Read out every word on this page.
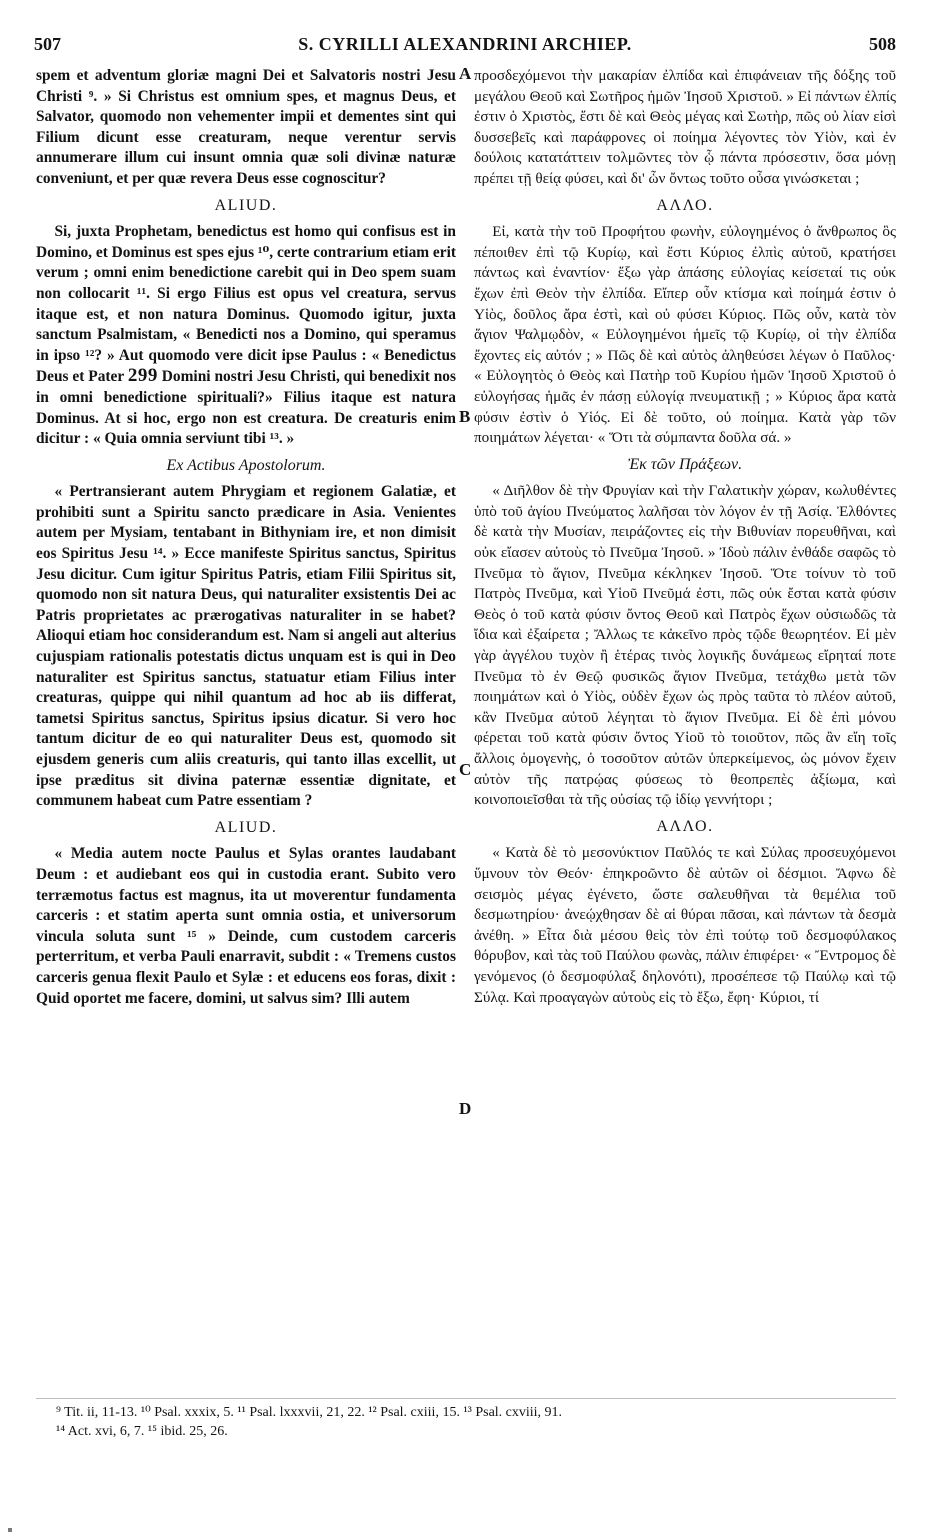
507	S. CYRILLI ALEXANDRINI ARCHIEP.	508

spem et adventum gloriæ magni Dei et Salvatoris nostri Jesu Christi ⁹. » Si Christus est omnium spes, et magnus Deus, et Salvator, quomodo non vehementer impii et dementes sint qui Filium dicunt esse creaturam, neque verentur servis annumerare illum cui insunt omnia quæ soli divinæ naturæ conveniunt, et per quæ revera Deus esse cognoscitur?

ALIUD.

Si, juxta Prophetam, benedictus est homo qui confisus est in Domino, et Dominus est spes ejus ¹⁰, certe contrarium etiam erit verum ; omni enim benedictione carebit qui in Deo spem suam non collocarit ¹¹. Si ergo Filius est opus vel creatura, servus itaque est, et non natura Dominus. Quomodo igitur, juxta sanctum Psalmistam, « Benedicti nos a Domino, qui speramus in ipso ¹²? » Aut quomodo vere dicit ipse Paulus : « Benedictus Deus et Pater 299 Domini nostri Jesu Christi, qui benedixit nos in omni benedictione spirituali?» Filius itaque est natura Dominus. At si hoc, ergo non est creatura. De creaturis enim dicitur : « Quia omnia serviunt tibi ¹³. »

Ex Actibus Apostolorum.

« Pertransierant autem Phrygiam et regionem Galatiæ, et prohibiti sunt a Spiritu sancto prædicare in Asia. Venientes autem per Mysiam, tentabant in Bithyniam ire, et non dimisit eos Spiritus Jesu ¹⁴. » Ecce manifeste Spiritus sanctus, Spiritus Jesu dicitur. Cum igitur Spiritus Patris, etiam Filii Spiritus sit, quomodo non sit natura Deus, qui naturaliter exsistentis Dei ac Patris proprietates ac prærogativas naturaliter in se habet? Alioqui etiam hoc considerandum est. Nam si angeli aut alterius cujuspiam rationalis potestatis dictus unquam est is qui in Deo naturaliter est Spiritus sanctus, statuatur etiam Filius inter creaturas, quippe qui nihil quantum ad hoc ab iis differat, tametsi Spiritus sanctus, Spiritus ipsius dicatur. Si vero hoc tantum dicitur de eo qui naturaliter Deus est, quomodo sit ejusdem generis cum aliis creaturis, qui tanto illas excellit, ut ipse præditus sit divina paternæ essentiæ dignitate, et communem habeat cum Patre essentiam ?

ALIUD.

« Media autem nocte Paulus et Sylas orantes laudabant Deum : et audiebant eos qui in custodia erant. Subito vero terræmotus factus est magnus, ita ut moverentur fundamenta carceris : et statim aperta sunt omnia ostia, et universorum vincula soluta sunt ¹⁵ » Deinde, cum custodem carceris perterritum, et verba Pauli enarravit, subdit : « Tremens custos carceris genua flexit Paulo et Sylæ : et educens eos foras, dixit : Quid oportet me facere, domini, ut salvus sim? Illi autem

προσδεχόμενοι τὴν μακαρίαν ἐλπίδα καὶ ἐπιφάνειαν τῆς δόξης τοῦ μεγάλου Θεοῦ καὶ Σωτῆρος ἡμῶν Ἰησοῦ Χριστοῦ. » Εἰ πάντων ἐλπίς ἐστιν ὁ Χριστὸς, ἔστι δὲ καὶ Θεὸς μέγας καὶ Σωτὴρ, πῶς οὐ λίαν εἰσὶ δυσσεβεῖς καὶ παράφρονες οἱ ποίημα λέγοντες τὸν Υἱὸν, καὶ ἐν δούλοις κατατάττειν τολμῶντες τὸν ᾧ πάντα πρόσεστιν, ὅσα μόνῃ πρέπει τῇ θείᾳ φύσει, καὶ δι' ὧν ὄντως τοῦτο οὖσα γινώσκεται ;

ΑΛΛΟ.

Εἰ, κατὰ τὴν τοῦ Προφήτου φωνὴν, εὐλογημένος ὁ ἄνθρωπος ὃς πέποιθεν ἐπὶ τῷ Κυρίῳ, καὶ ἔστι Κύριος ἐλπὶς αὐτοῦ, κρατήσει πάντως καὶ ἐναντίον· ἔξω γὰρ ἁπάσης εὐλογίας κείσεταί τις οὐκ ἔχων ἐπὶ Θεὸν τὴν ἐλπίδα. Εἴπερ οὖν κτίσμα καὶ ποίημά ἐστιν ὁ Υἱὸς, δοῦλος ἄρα ἐστὶ, καὶ οὐ φύσει Κύριος. Πῶς οὖν, κατὰ τὸν ἅγιον Ψαλμῳδὸν, « Εὐλογημένοι ἡμεῖς τῷ Κυρίῳ, οἱ τὴν ἐλπίδα ἔχοντες εἰς αὐτόν ; » Πῶς δὲ καὶ αὐτὸς ἀληθεύσει λέγων ὁ Παῦλος· « Εὐλογητὸς ὁ Θεὸς καὶ Πατὴρ τοῦ Κυρίου ἡμῶν Ἰησοῦ Χριστοῦ ὁ εὐλογήσας ἡμᾶς ἐν πάσῃ εὐλογίᾳ πνευματικῇ ; » Κύριος ἄρα κατὰ φύσιν ἐστὶν ὁ Υἱός. Εἰ δὲ τοῦτο, οὐ ποίημα. Κατὰ γὰρ τῶν ποιημάτων λέγεται· « Ὅτι τὰ σύμπαντα δοῦλα σά. »

Ἐκ τῶν Πράξεων.

« Διῆλθον δὲ τὴν Φρυγίαν καὶ τὴν Γαλατικὴν χώραν, κωλυθέντες ὑπὸ τοῦ ἁγίου Πνεύματος λαλῆσαι τὸν λόγον ἐν τῇ Ἀσίᾳ. Ἐλθόντες δὲ κατὰ τὴν Μυσίαν, πειράζοντες εἰς τὴν Βιθυνίαν πορευθῆναι, καὶ οὐκ εἴασεν αὐτοὺς τὸ Πνεῦμα Ἰησοῦ. » Ἰδοὺ πάλιν ἐνθάδε σαφῶς τὸ Πνεῦμα τὸ ἅγιον, Πνεῦμα κέκληκεν Ἰησοῦ. Ὅτε τοίνυν τὸ τοῦ Πατρὸς Πνεῦμα, καὶ Υἱοῦ Πνεῦμά ἐστι, πῶς οὐκ ἔσται κατὰ φύσιν Θεὸς ὁ τοῦ κατὰ φύσιν ὄντος Θεοῦ καὶ Πατρὸς ἔχων οὐσιωδῶς τὰ ἴδια καὶ ἐξαίρετα ; Ἄλλως τε κἀκεῖνο πρὸς τῷδε θεωρητέον. Εἰ μὲν γὰρ ἀγγέλου τυχὸν ἢ ἑτέρας τινὸς λογικῆς δυνάμεως εἴρηταί ποτε Πνεῦμα τὸ ἐν Θεῷ φυσικῶς ἅγιον Πνεῦμα, τετάχθω μετὰ τῶν ποιημάτων καὶ ὁ Υἱὸς, οὐδὲν ἔχων ὡς πρὸς ταῦτα τὸ πλέον αὐτοῦ, κἂν Πνεῦμα αὐτοῦ λέγηται τὸ ἅγιον Πνεῦμα. Εἰ δὲ ἐπὶ μόνου φέρεται τοῦ κατὰ φύσιν ὄντος Υἱοῦ τὸ τοιοῦτον, πῶς ἂν εἴη τοῖς ἄλλοις ὁμογενὴς, ὁ τοσοῦτον αὐτῶν ὑπερκείμενος, ὡς μόνον ἔχειν αὐτὸν τῆς πατρῴας φύσεως τὸ θεοπρεπὲς ἀξίωμα, καὶ κοινοποιεῖσθαι τὰ τῆς οὐσίας τῷ ἰδίῳ γεννήτορι ;

ΑΛΛΟ.

« Κατὰ δὲ τὸ μεσονύκτιον Παῦλός τε καὶ Σύλας προσευχόμενοι ὕμνουν τὸν Θεόν· ἐπηκροῶντο δὲ αὐτῶν οἱ δέσμιοι. Ἄφνω δὲ σεισμὸς μέγας ἐγένετο, ὥστε σαλευθῆναι τὰ θεμέλια τοῦ δεσμωτηρίου· ἀνεῴχθησαν δὲ αἱ θύραι πᾶσαι, καὶ πάντων τὰ δεσμὰ ἀνέθη. » Εἶτα διὰ μέσου θεὶς τὸν ἐπὶ τούτῳ τοῦ δεσμοφύλακος θόρυβον, καὶ τὰς τοῦ Παύλου φωνὰς, πάλιν ἐπιφέρει· « Ἔντρομος δὲ γενόμενος (ὁ δεσμοφύλαξ δηλονότι), προσέπεσε τῷ Παύλῳ καὶ τῷ Σύλᾳ. Καὶ προαγαγὼν αὐτοὺς εἰς τὸ ἔξω, ἔφη· Κύριοι, τί

A
B
C
D
⁹ Tit. ii, 11-13. ¹⁰ Psal. xxxix, 5. ¹¹ Psal. lxxxvii, 21, 22. ¹² Psal. cxiii, 15. ¹³ Psal. cxviii, 91.
¹⁴ Act. xvi, 6, 7. ¹⁵ ibid. 25, 26.
